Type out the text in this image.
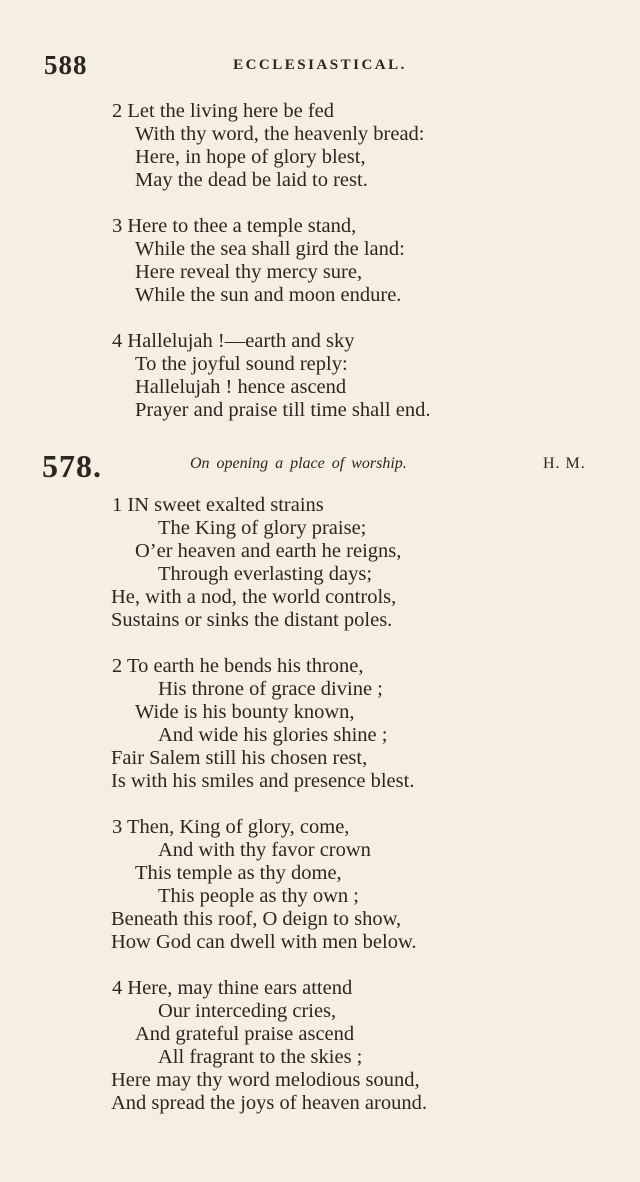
588	ECCLESIASTICAL.
2 Let the living here be fed
With thy word, the heavenly bread:
Here, in hope of glory blest,
May the dead be laid to rest.
3 Here to thee a temple stand,
While the sea shall gird the land:
Here reveal thy mercy sure,
While the sun and moon endure.
4 Hallelujah !—earth and sky
To the joyful sound reply:
Hallelujah ! hence ascend
Prayer and praise till time shall end.
578.	On opening a place of worship.	H. M.
1 IN sweet exalted strains
The King of glory praise;
O’er heaven and earth he reigns,
Through everlasting days;
He, with a nod, the world controls,
Sustains or sinks the distant poles.
2 To earth he bends his throne,
His throne of grace divine ;
Wide is his bounty known,
And wide his glories shine ;
Fair Salem still his chosen rest,
Is with his smiles and presence blest.
3 Then, King of glory, come,
And with thy favor crown
This temple as thy dome,
This people as thy own ;
Beneath this roof, O deign to show,
How God can dwell with men below.
4 Here, may thine ears attend
Our interceding cries,
And grateful praise ascend
All fragrant to the skies ;
Here may thy word melodious sound,
And spread the joys of heaven around.
